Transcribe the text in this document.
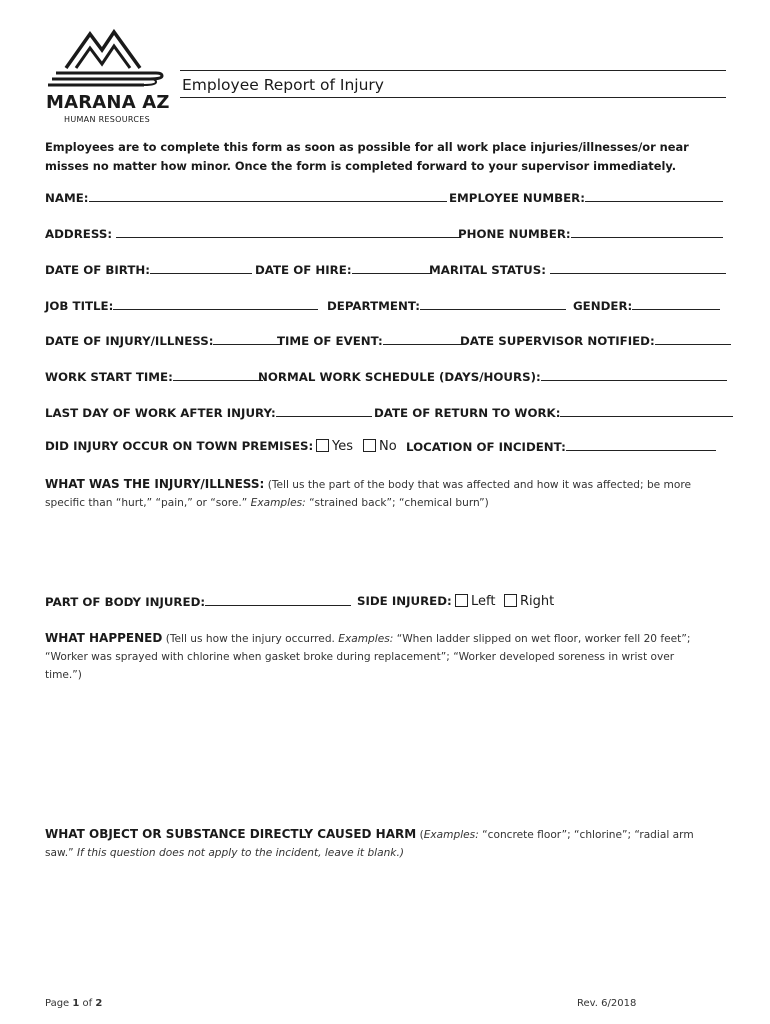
MARANA AZ
HUMAN RESOURCES
Employee Report of Injury
Employees are to complete this form as soon as possible for all work place injuries/illnesses/or near misses no matter how minor. Once the form is completed forward to your supervisor immediately.
NAME:	EMPLOYEE NUMBER:
ADDRESS:	PHONE NUMBER:
DATE OF BIRTH:	DATE OF HIRE:	MARITAL STATUS:
JOB TITLE:	DEPARTMENT:	GENDER:
DATE OF INJURY/ILLNESS:	TIME OF EVENT:	DATE SUPERVISOR NOTIFIED:
WORK START TIME:	NORMAL WORK SCHEDULE (DAYS/HOURS):
LAST DAY OF WORK AFTER INJURY:	DATE OF RETURN TO WORK:
DID INJURY OCCUR ON TOWN PREMISES:	Yes	No LOCATION OF INCIDENT:
WHAT WAS THE INJURY/ILLNESS: (Tell us the part of the body that was affected and how it was affected; be more
specific than “hurt,” “pain,” or “sore.” Examples: “strained back”; “chemical burn”)
PART OF BODY INJURED:	SIDE INJURED:	Left	Right
WHAT HAPPENED (Tell us how the injury occurred. Examples: “When ladder slipped on wet floor, worker fell 20 feet”;
“Worker was sprayed with chlorine when gasket broke during replacement”; “Worker developed soreness in wrist over
time.”)
WHAT OBJECT OR SUBSTANCE DIRECTLY CAUSED HARM (Examples: “concrete floor”; “chlorine”; “radial arm
saw.” If this question does not apply to the incident, leave it blank.)
Page 1 of 2	Rev. 6/2018
